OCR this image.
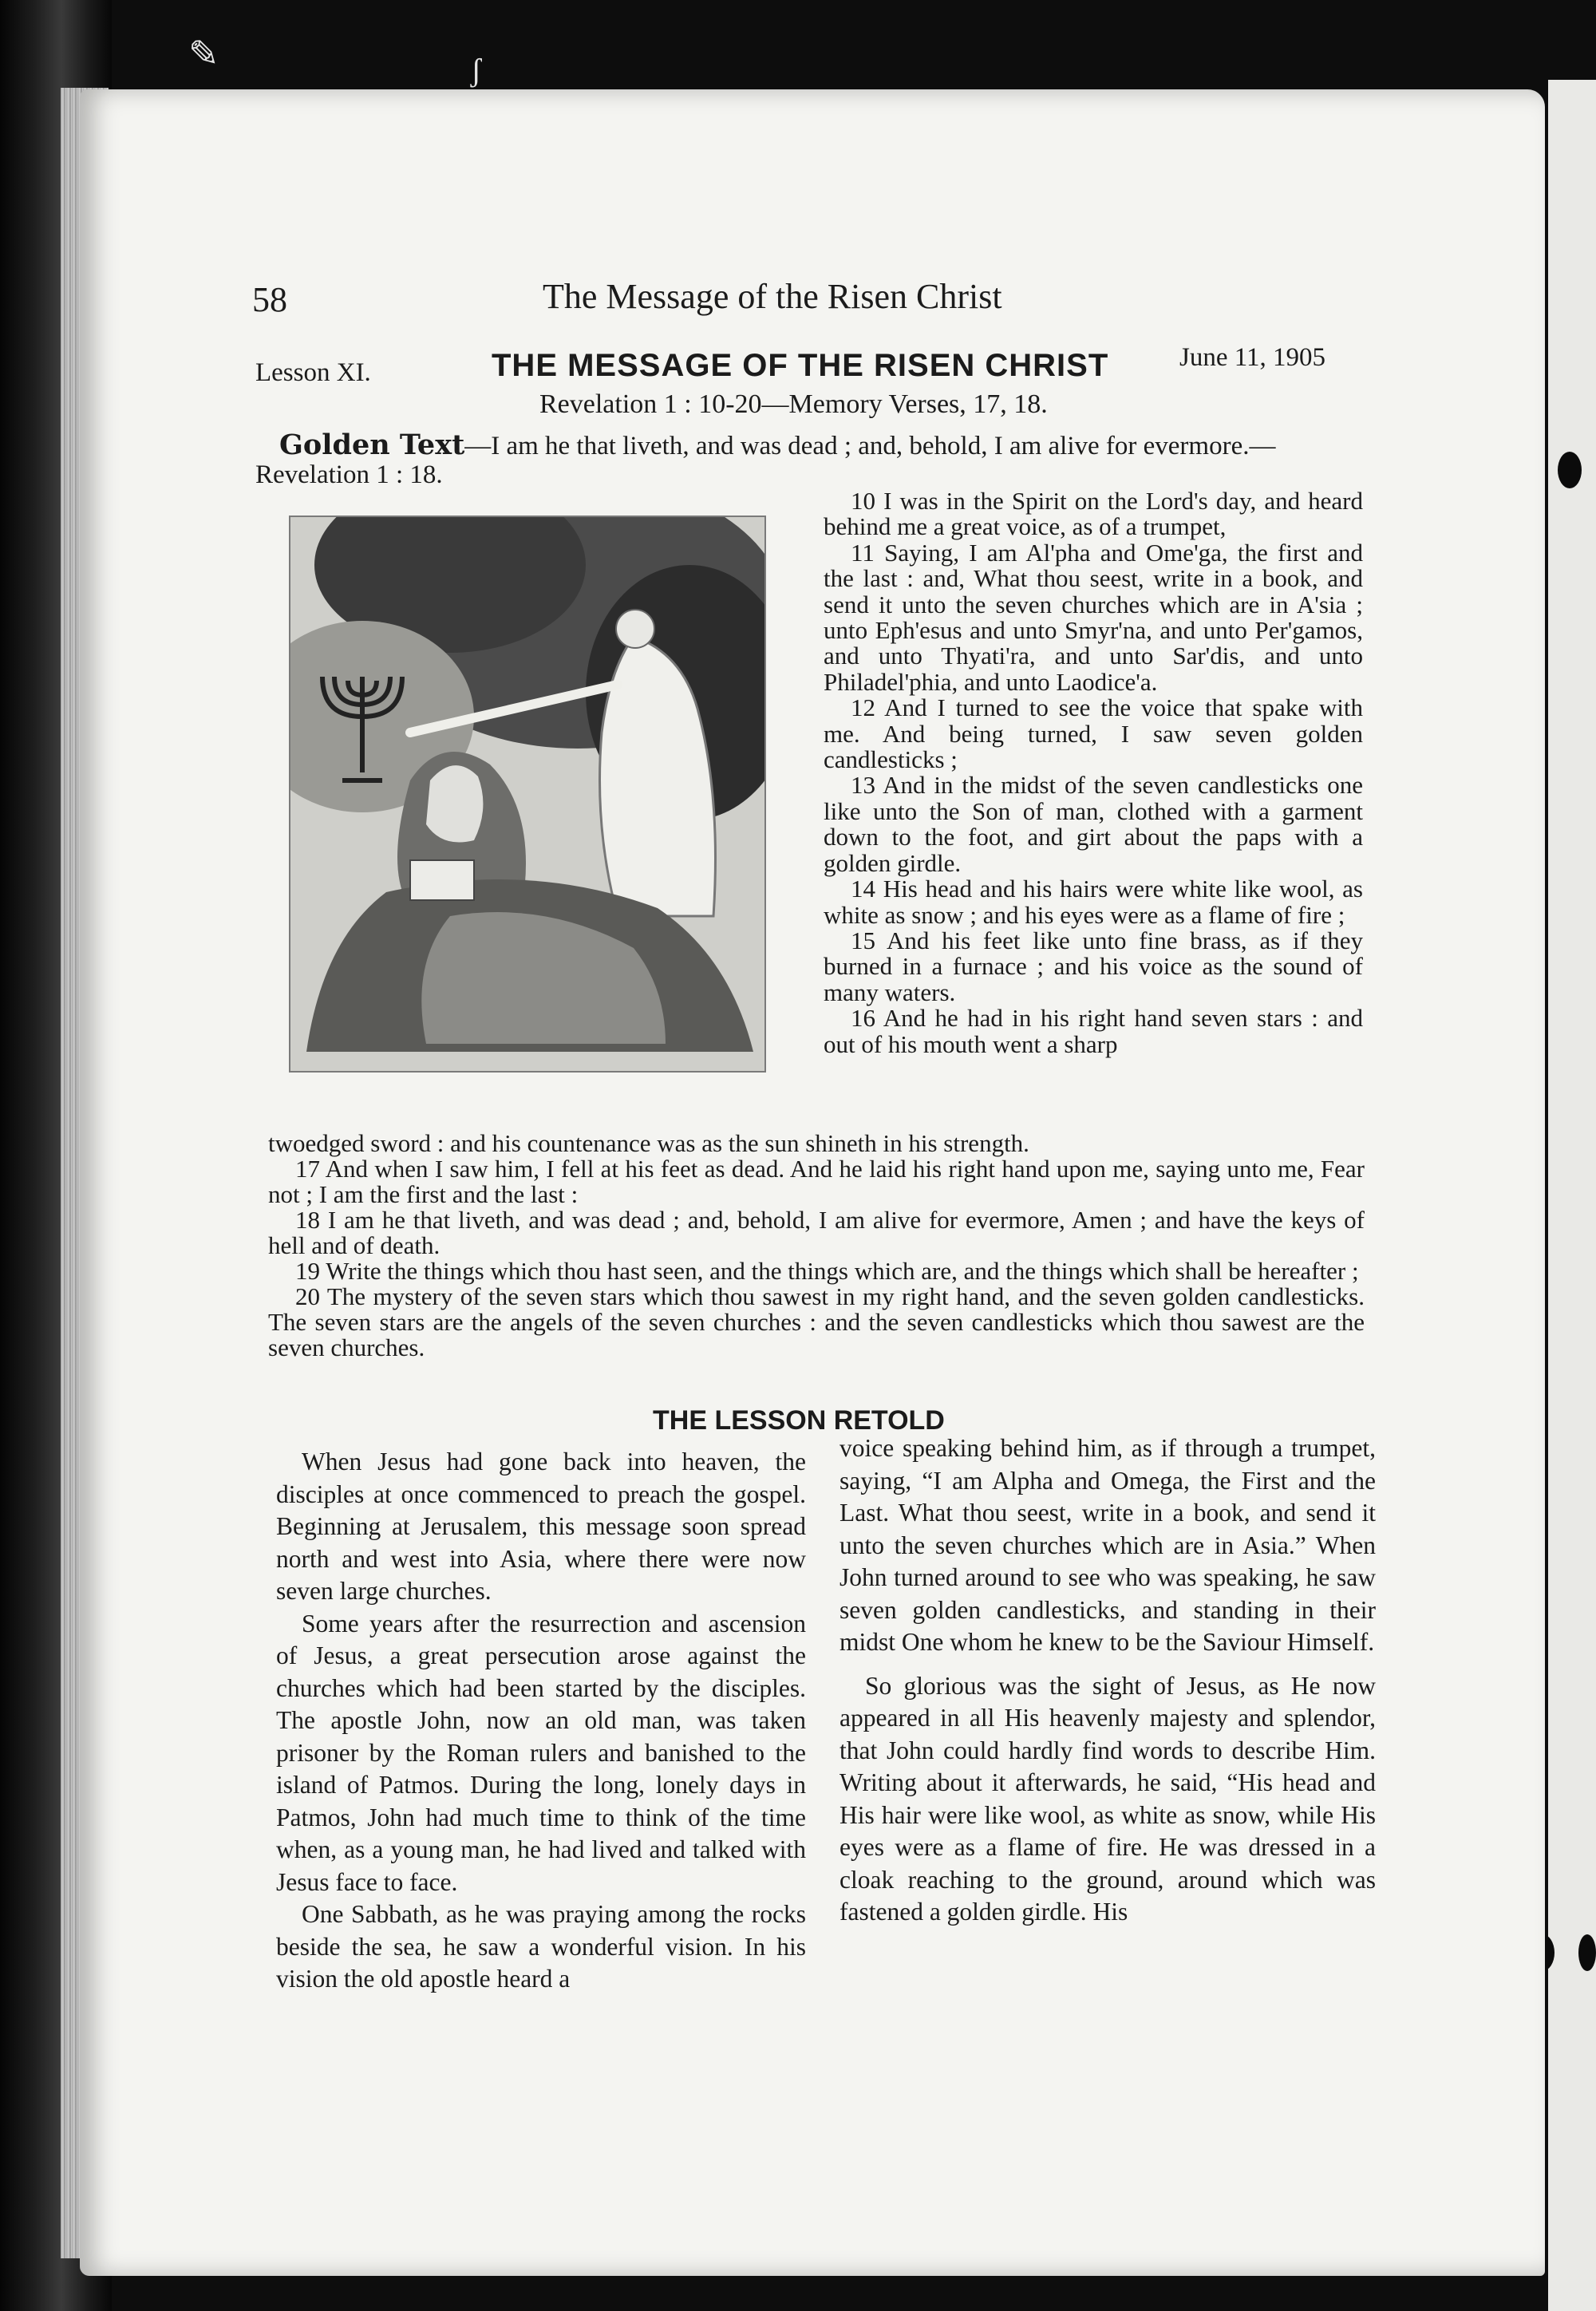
✎	ʃ
58	The Message of the Risen Christ
Lesson XI.	THE MESSAGE OF THE RISEN CHRIST	June 11, 1905
Revelation 1 : 10-20—Memory Verses, 17, 18.
Golden Text—I am he that liveth, and was dead ; and, behold, I am alive for evermore.—
Revelation 1 : 18.

10 I was in the Spirit on the Lord's day, and heard behind me a great voice, as of a trumpet,

11 Saying, I am Al'pha and Ome'ga, the first and the last : and, What thou seest, write in a book, and send it unto the seven churches which are in A'sia ; unto Eph'esus and unto Smyr'na, and unto Per'gamos, and unto Thyati'ra, and unto Sar'dis, and unto Philadel'phia, and unto Laodice'a.

12 And I turned to see the voice that spake with me. And being turned, I saw seven golden candlesticks ;

13 And in the midst of the seven candlesticks one like unto the Son of man, clothed with a garment down to the foot, and girt about the paps with a golden girdle.

14 His head and his hairs were white like wool, as white as snow ; and his eyes were as a flame of fire ;

15 And his feet like unto fine brass, as if they burned in a furnace ; and his voice as the sound of many waters.

16 And he had in his right hand seven stars : and out of his mouth went a sharp

twoedged sword : and his countenance was as the sun shineth in his strength.

17 And when I saw him, I fell at his feet as dead. And he laid his right hand upon me, saying unto me, Fear not ; I am the first and the last :

18 I am he that liveth, and was dead ; and, behold, I am alive for evermore, Amen ; and have the keys of hell and of death.

19 Write the things which thou hast seen, and the things which are, and the things which shall be hereafter ;

20 The mystery of the seven stars which thou sawest in my right hand, and the seven golden candlesticks. The seven stars are the angels of the seven churches : and the seven candlesticks which thou sawest are the seven churches.

THE LESSON RETOLD

When Jesus had gone back into heaven, the disciples at once commenced to preach the gospel. Beginning at Jerusalem, this message soon spread north and west into Asia, where there were now seven large churches.

Some years after the resurrection and ascension of Jesus, a great persecution arose against the churches which had been started by the disciples. The apostle John, now an old man, was taken prisoner by the Roman rulers and banished to the island of Patmos. During the long, lonely days in Patmos, John had much time to think of the time when, as a young man, he had lived and talked with Jesus face to face.

One Sabbath, as he was praying among the rocks beside the sea, he saw a wonderful vision. In his vision the old apostle heard a

voice speaking behind him, as if through a trumpet, saying, “I am Alpha and Omega, the First and the Last. What thou seest, write in a book, and send it unto the seven churches which are in Asia.” When John turned around to see who was speaking, he saw seven golden candlesticks, and standing in their midst One whom he knew to be the Saviour Himself.

So glorious was the sight of Jesus, as He now appeared in all His heavenly majesty and splendor, that John could hardly find words to describe Him. Writing about it afterwards, he said, “His head and His hair were like wool, as white as snow, while His eyes were as a flame of fire. He was dressed in a cloak reaching to the ground, around which was fastened a golden girdle. His
